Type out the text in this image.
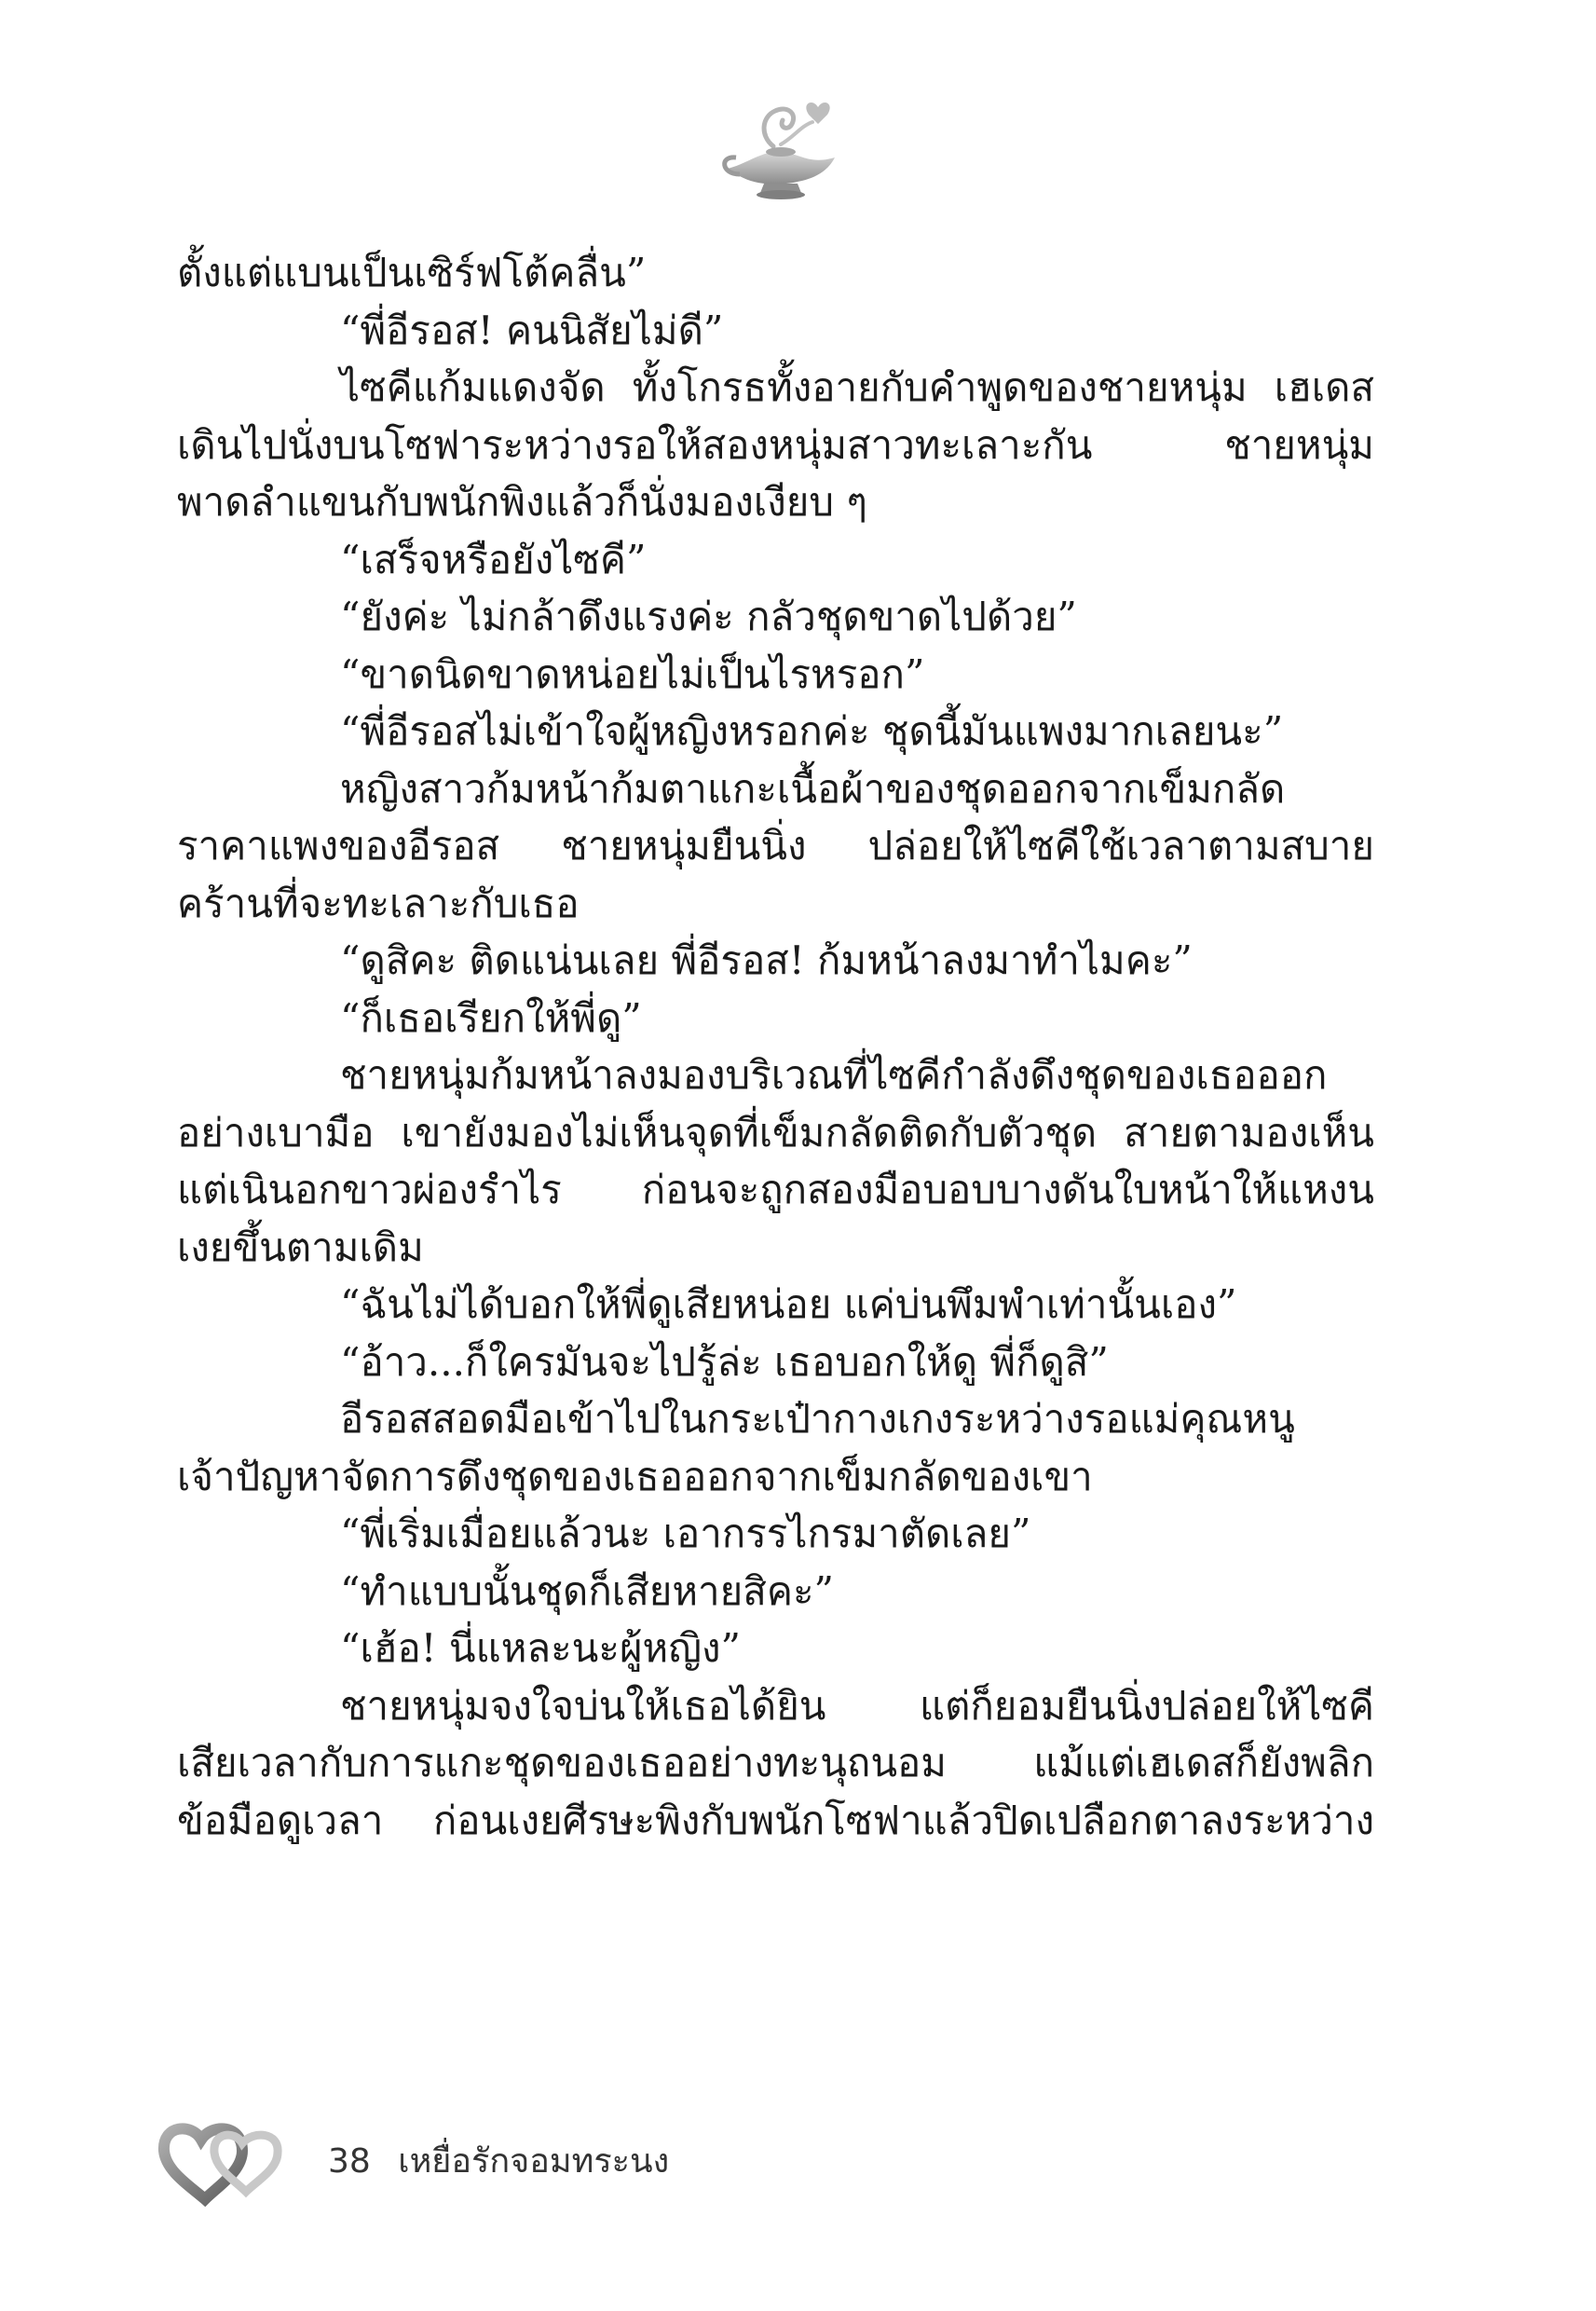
ตั้งแต่แบนเป็นเซิร์ฟโต้คลื่น”
“พี่อีรอส! คนนิสัยไม่ดี”
ไซคีแก้มแดงจัด ทั้งโกรธทั้งอายกับคำพูดของชายหนุ่ม เฮเดส
เดินไปนั่งบนโซฟาระหว่างรอให้สองหนุ่มสาวทะเลาะกัน ชายหนุ่ม
พาดลำแขนกับพนักพิงแล้วก็นั่งมองเงียบ ๆ
“เสร็จหรือยังไซคี”
“ยังค่ะ ไม่กล้าดึงแรงค่ะ กลัวชุดขาดไปด้วย”
“ขาดนิดขาดหน่อยไม่เป็นไรหรอก”
“พี่อีรอสไม่เข้าใจผู้หญิงหรอกค่ะ ชุดนี้มันแพงมากเลยนะ”
หญิงสาวก้มหน้าก้มตาแกะเนื้อผ้าของชุดออกจากเข็มกลัด
ราคาแพงของอีรอส ชายหนุ่มยืนนิ่ง ปล่อยให้ไซคีใช้เวลาตามสบาย
คร้านที่จะทะเลาะกับเธอ
“ดูสิคะ ติดแน่นเลย พี่อีรอส! ก้มหน้าลงมาทำไมคะ”
“ก็เธอเรียกให้พี่ดู”
ชายหนุ่มก้มหน้าลงมองบริเวณที่ไซคีกำลังดึงชุดของเธอออก
อย่างเบามือ เขายังมองไม่เห็นจุดที่เข็มกลัดติดกับตัวชุด สายตามองเห็น
แต่เนินอกขาวผ่องรำไร ก่อนจะถูกสองมือบอบบางดันใบหน้าให้แหงน
เงยขึ้นตามเดิม
“ฉันไม่ได้บอกให้พี่ดูเสียหน่อย แค่บ่นพึมพำเท่านั้นเอง”
“อ้าว...ก็ใครมันจะไปรู้ล่ะ เธอบอกให้ดู พี่ก็ดูสิ”
อีรอสสอดมือเข้าไปในกระเป๋ากางเกงระหว่างรอแม่คุณหนู
เจ้าปัญหาจัดการดึงชุดของเธอออกจากเข็มกลัดของเขา
“พี่เริ่มเมื่อยแล้วนะ เอากรรไกรมาตัดเลย”
“ทำแบบนั้นชุดก็เสียหายสิคะ”
“เฮ้อ! นี่แหละนะผู้หญิง”
ชายหนุ่มจงใจบ่นให้เธอได้ยิน แต่ก็ยอมยืนนิ่งปล่อยให้ไซคี
เสียเวลากับการแกะชุดของเธออย่างทะนุถนอม แม้แต่เฮเดสก็ยังพลิก
ข้อมือดูเวลา ก่อนเงยศีรษะพิงกับพนักโซฟาแล้วปิดเปลือกตาลงระหว่าง
38 เหยื่อรักจอมทระนง
